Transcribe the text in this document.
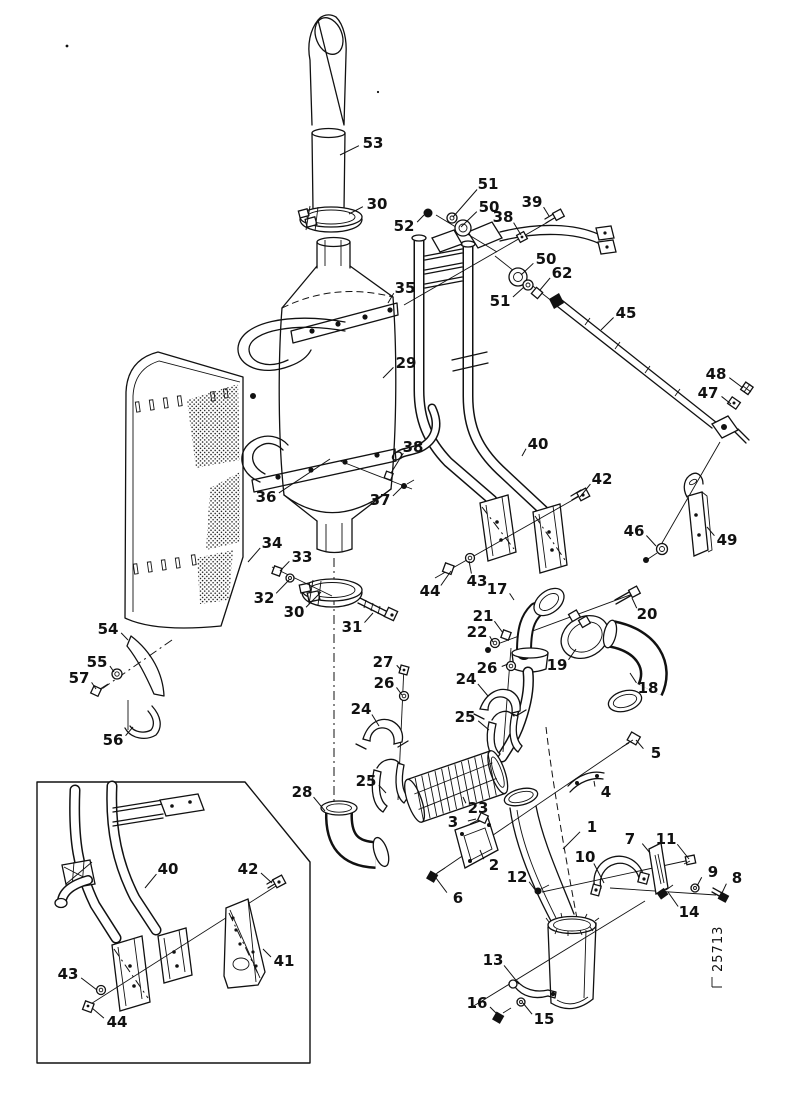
25713
53
30
52
51
50 39
38
50
62
51
45
35
29
48
47
40
42
46	49
38
37
36
34
33
32
30
31
54
55
57
56
44
43 17
21
22
20
19
18
26
24
25
27
26
24
25
28
23
3
5
4
1
2
6
12
10
7 11
9 8
14
13
16
15
40	42
41
43
44
